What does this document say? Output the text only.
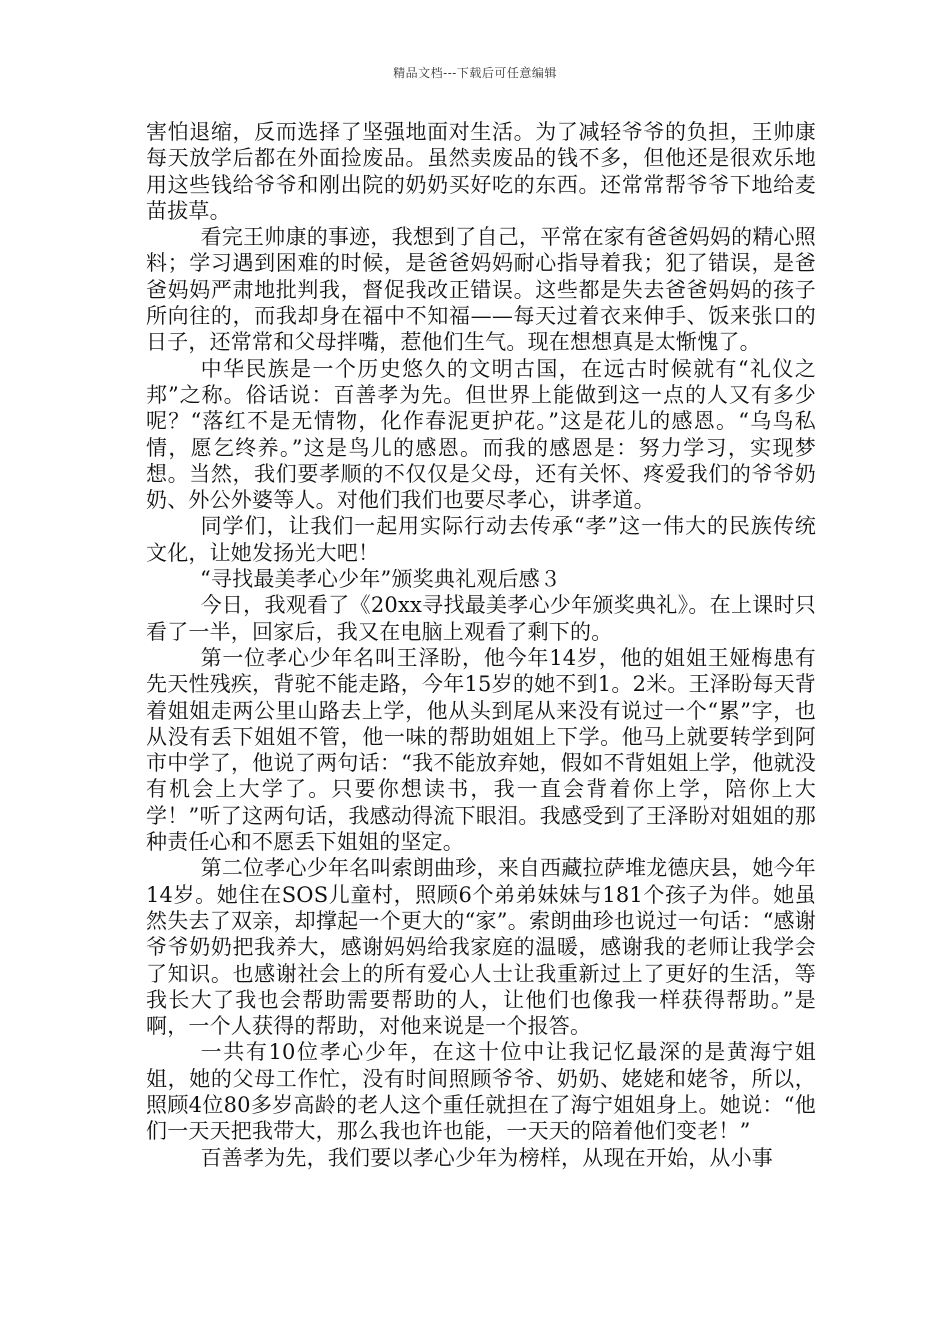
精品文档---下载后可任意编辑

害怕退缩，反而选择了坚强地面对生活。为了减轻爷爷的负担，王帅康每天放学后都在外面捡废品。虽然卖废品的钱不多，但他还是很欢乐地用这些钱给爷爷和刚出院的奶奶买好吃的东西。还常常帮爷爷下地给麦苗拔草。

看完王帅康的事迹，我想到了自己，平常在家有爸爸妈妈的精心照料；学习遇到困难的时候，是爸爸妈妈耐心指导着我；犯了错误，是爸爸妈妈严肃地批判我，督促我改正错误。这些都是失去爸爸妈妈的孩子所向往的，而我却身在福中不知福——每天过着衣来伸手、饭来张口的日子，还常常和父母拌嘴，惹他们生气。现在想想真是太惭愧了。

中华民族是一个历史悠久的文明古国，在远古时候就有“礼仪之邦”之称。俗话说：百善孝为先。但世界上能做到这一点的人又有多少呢？“落红不是无情物，化作春泥更护花。”这是花儿的感恩。“乌鸟私情，愿乞终养。”这是鸟儿的感恩。而我的感恩是：努力学习，实现梦想。当然，我们要孝顺的不仅仅是父母，还有关怀、疼爱我们的爷爷奶奶、外公外婆等人。对他们我们也要尽孝心，讲孝道。

同学们，让我们一起用实际行动去传承“孝”这一伟大的民族传统文化，让她发扬光大吧！

“寻找最美孝心少年”颁奖典礼观后感３

今日，我观看了《20xx寻找最美孝心少年颁奖典礼》。在上课时只看了一半，回家后，我又在电脑上观看了剩下的。

第一位孝心少年名叫王泽盼，他今年14岁，他的姐姐王娅梅患有先天性残疾，背驼不能走路，今年15岁的她不到1。2米。王泽盼每天背着姐姐走两公里山路去上学，他从头到尾从来没有说过一个“累”字，也从没有丢下姐姐不管，他一味的帮助姐姐上下学。他马上就要转学到阿市中学了，他说了两句话：“我不能放弃她，假如不背姐姐上学，他就没有机会上大学了。只要你想读书，我一直会背着你上学，陪你上大学！”听了这两句话，我感动得流下眼泪。我感受到了王泽盼对姐姐的那种责任心和不愿丢下姐姐的坚定。

第二位孝心少年名叫索朗曲珍，来自西藏拉萨堆龙德庆县，她今年14岁。她住在SOS儿童村，照顾6个弟弟妹妹与181个孩子为伴。她虽然失去了双亲，却撑起一个更大的“家”。索朗曲珍也说过一句话：“感谢爷爷奶奶把我养大，感谢妈妈给我家庭的温暖，感谢我的老师让我学会了知识。也感谢社会上的所有爱心人士让我重新过上了更好的生活，等我长大了我也会帮助需要帮助的人，让他们也像我一样获得帮助。”是啊，一个人获得的帮助，对他来说是一个报答。

一共有10位孝心少年，在这十位中让我记忆最深的是黄海宁姐姐，她的父母工作忙，没有时间照顾爷爷、奶奶、姥姥和姥爷，所以，照顾4位80多岁高龄的老人这个重任就担在了海宁姐姐身上。她说：“他们一天天把我带大，那么我也许也能，一天天的陪着他们变老！”

百善孝为先，我们要以孝心少年为榜样，从现在开始，从小事
